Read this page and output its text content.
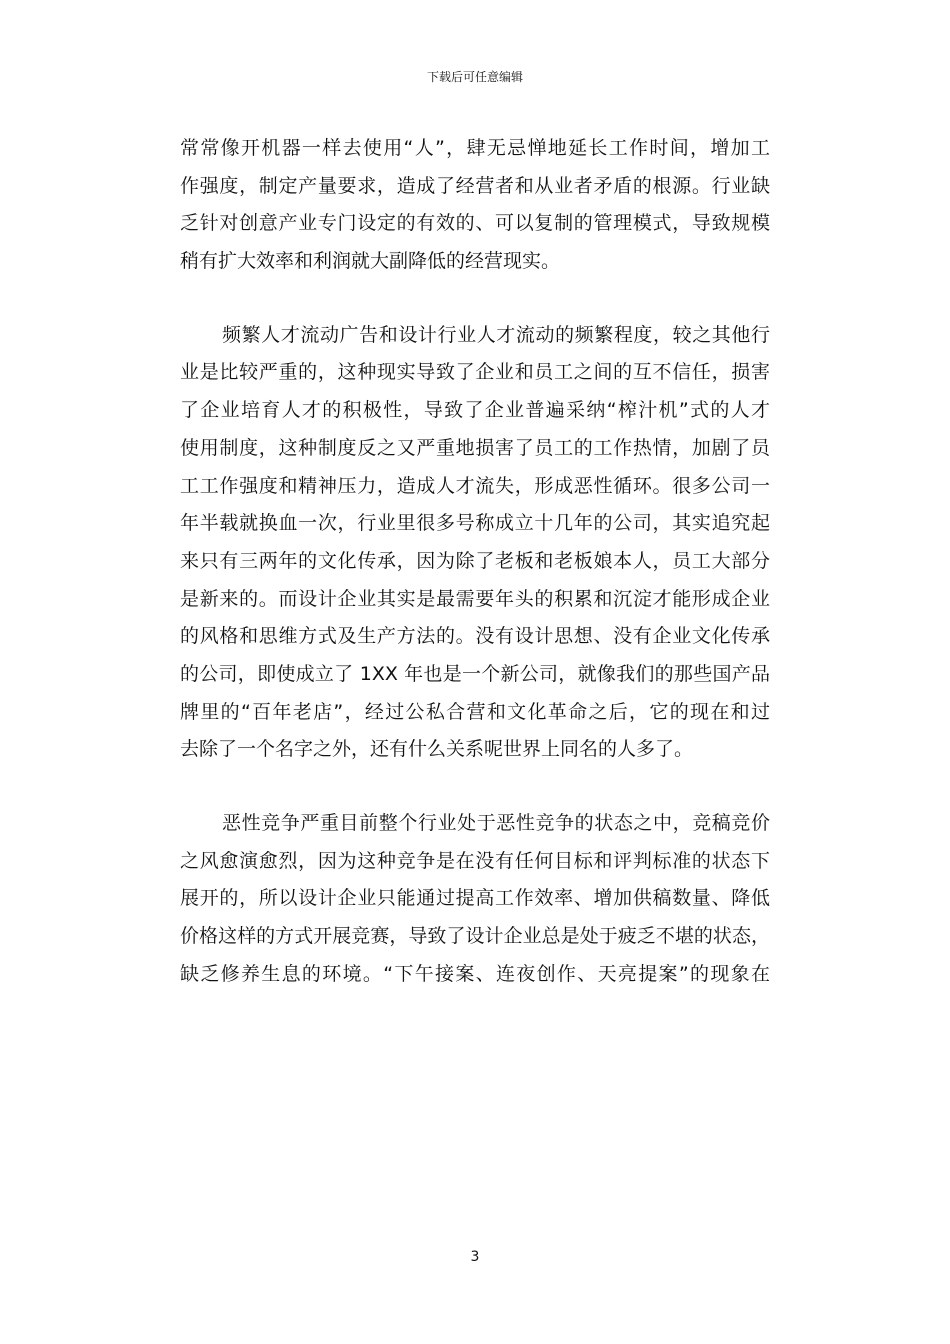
下载后可任意编辑
常常像开机器一样去使用“人”，肆无忌惮地延长工作时间，增加工
作强度，制定产量要求，造成了经营者和从业者矛盾的根源。行业缺
乏针对创意产业专门设定的有效的、可以复制的管理模式，导致规模
稍有扩大效率和利润就大副降低的经营现实。
频繁人才流动广告和设计行业人才流动的频繁程度，较之其他行
业是比较严重的，这种现实导致了企业和员工之间的互不信任，损害
了企业培育人才的积极性，导致了企业普遍采纳“榨汁机”式的人才
使用制度，这种制度反之又严重地损害了员工的工作热情，加剧了员
工工作强度和精神压力，造成人才流失，形成恶性循环。很多公司一
年半载就换血一次，行业里很多号称成立十几年的公司，其实追究起
来只有三两年的文化传承，因为除了老板和老板娘本人，员工大部分
是新来的。而设计企业其实是最需要年头的积累和沉淀才能形成企业
的风格和思维方式及生产方法的。没有设计思想、没有企业文化传承
的公司，即使成立了 1XX 年也是一个新公司，就像我们的那些国产品
牌里的“百年老店”，经过公私合营和文化革命之后，它的现在和过
去除了一个名字之外，还有什么关系呢世界上同名的人多了。
恶性竞争严重目前整个行业处于恶性竞争的状态之中，竞稿竞价
之风愈演愈烈，因为这种竞争是在没有任何目标和评判标准的状态下
展开的，所以设计企业只能通过提高工作效率、增加供稿数量、降低
价格这样的方式开展竞赛，导致了设计企业总是处于疲乏不堪的状态，
缺乏修养生息的环境。“下午接案、连夜创作、天亮提案”的现象在
3
